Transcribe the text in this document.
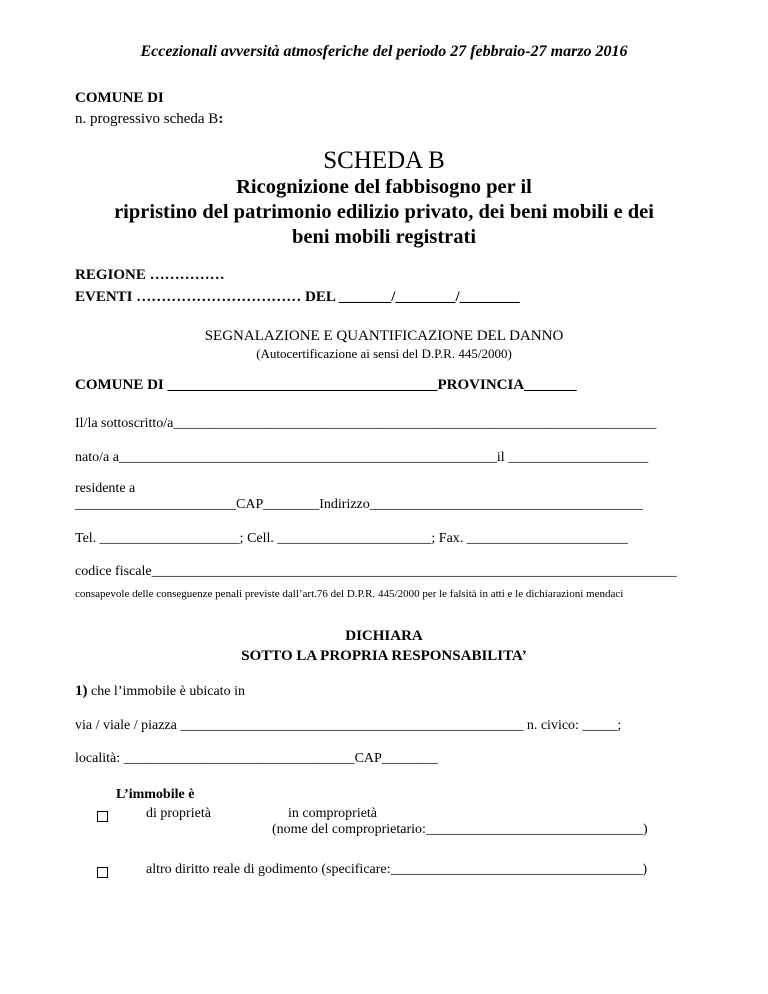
Eccezionali avversità atmosferiche del periodo 27 febbraio-27 marzo 2016
COMUNE DI
n. progressivo scheda B:
SCHEDA B
Ricognizione del fabbisogno per il
ripristino del patrimonio edilizio privato, dei beni mobili e dei
beni mobili registrati
REGIONE ……………
EVENTI …………………………… DEL _______/________/________
SEGNALAZIONE E QUANTIFICAZIONE DEL DANNO
(Autocertificazione ai sensi del D.P.R. 445/2000)
COMUNE DI ____________________________________PROVINCIA_______
Il/la sottoscritto/a_____________________________________________________________________
nato/a a______________________________________________________il ____________________
residente a
_______________________CAP________Indirizzo_______________________________________
Tel. ____________________; Cell. ______________________; Fax. _______________________
codice fiscale___________________________________________________________________________
consapevole delle conseguenze penali previste dall’art.76 del D.P.R. 445/2000 per le falsità in atti e le dichiarazioni mendaci
DICHIARA
SOTTO LA PROPRIA RESPONSABILITA’
1) che l’immobile è ubicato in
via / viale / piazza _________________________________________________ n. civico: _____;
località: _________________________________CAP________
L’immobile è
di proprietà	in comproprietà
(nome del comproprietario:_______________________________)
altro diritto reale di godimento (specificare:____________________________________)
